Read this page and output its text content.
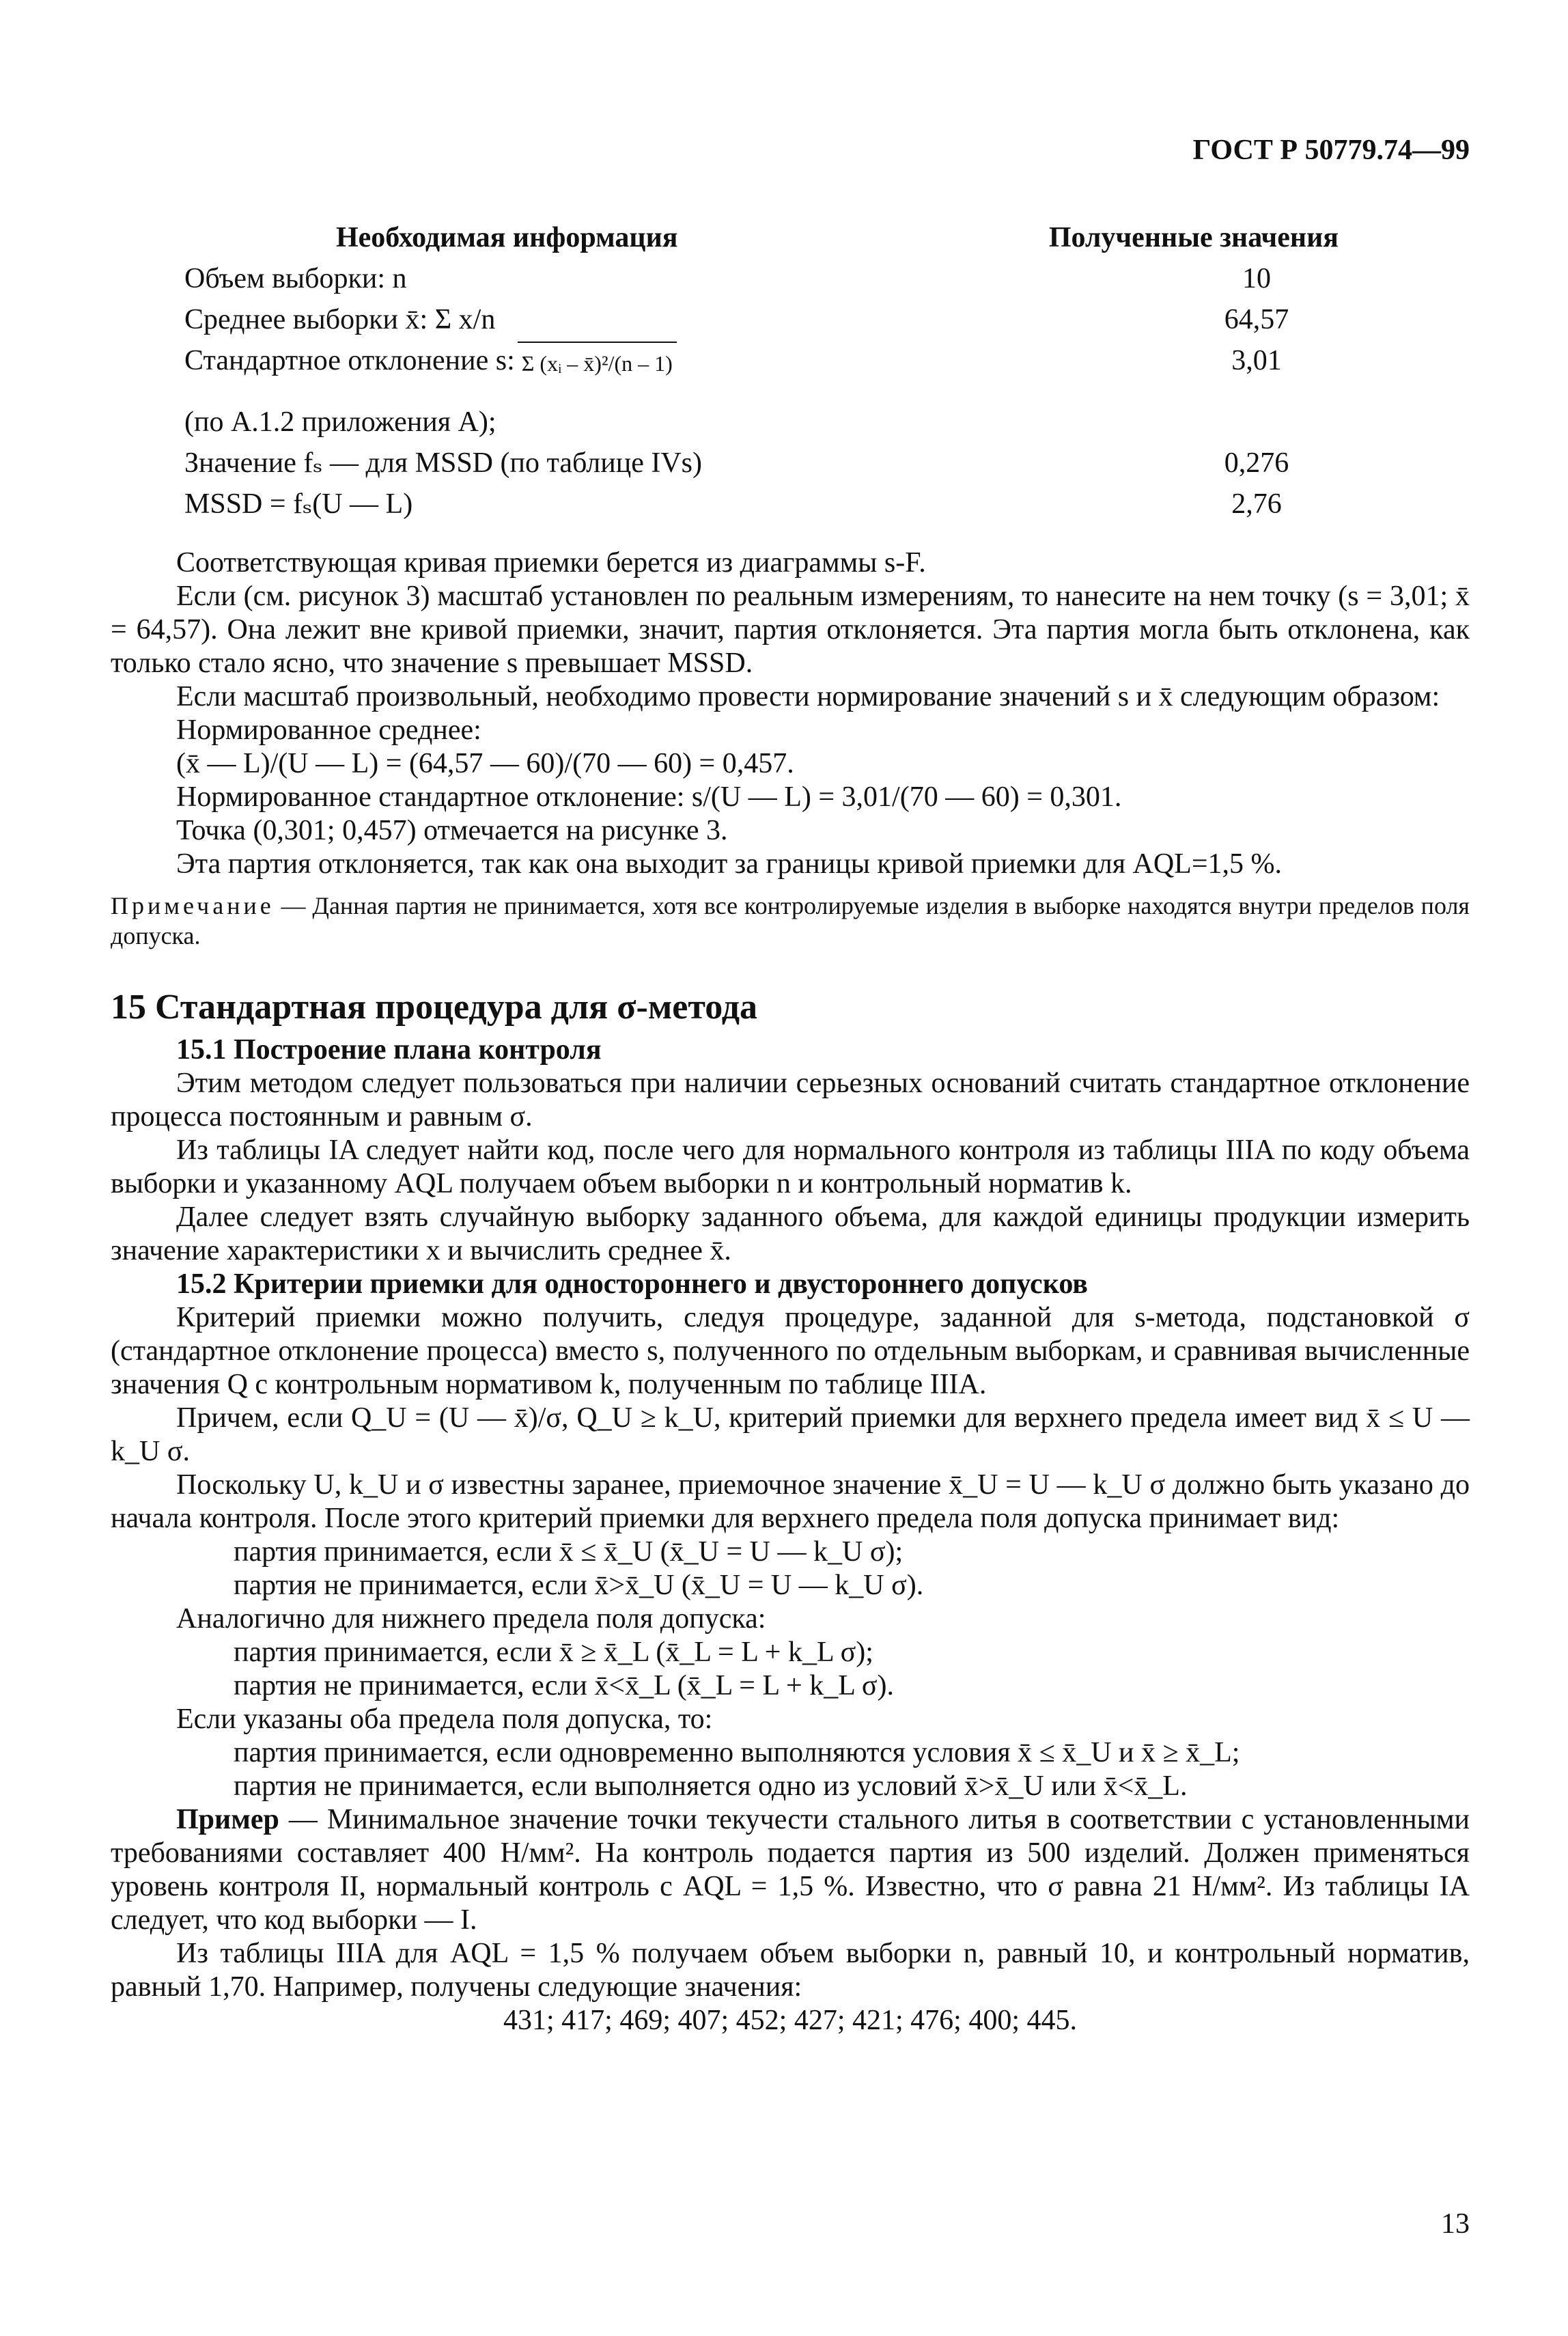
ГОСТ Р 50779.74—99
Необходимая информация	Полученные значения
Объем выборки: n	10
Среднее выборки x̄: Σ x/n	64,57
Стандартное отклонение s: Σ (xᵢ – x̄)²/(n – 1)	3,01
(по А.1.2 приложения А);
Значение fₛ — для MSSD (по таблице IVs)	0,276
MSSD = fₛ(U — L)	2,76

Соответствующая кривая приемки берется из диаграммы s-F.

Если (см. рисунок 3) масштаб установлен по реальным измерениям, то нанесите на нем точку (s = 3,01; x̄ = 64,57). Она лежит вне кривой приемки, значит, партия отклоняется. Эта партия могла быть отклонена, как только стало ясно, что значение s превышает MSSD.

Если масштаб произвольный, необходимо провести нормирование значений s и x̄ следующим образом:

Нормированное среднее:

(x̄ — L)/(U — L) = (64,57 — 60)/(70 — 60) = 0,457.

Нормированное стандартное отклонение: s/(U — L) = 3,01/(70 — 60) = 0,301.

Точка (0,301; 0,457) отмечается на рисунке 3.

Эта партия отклоняется, так как она выходит за границы кривой приемки для AQL=1,5 %.

Примечание — Данная партия не принимается, хотя все контролируемые изделия в выборке находятся внутри пределов поля допуска.

15 Стандартная процедура для σ-метода

15.1 Построение плана контроля

Этим методом следует пользоваться при наличии серьезных оснований считать стандартное отклонение процесса постоянным и равным σ.

Из таблицы IA следует найти код, после чего для нормального контроля из таблицы IIIA по коду объема выборки и указанному AQL получаем объем выборки n и контрольный норматив k.

Далее следует взять случайную выборку заданного объема, для каждой единицы продукции измерить значение характеристики x и вычислить среднее x̄.

15.2 Критерии приемки для одностороннего и двустороннего допусков

Критерий приемки можно получить, следуя процедуре, заданной для s-метода, подстановкой σ (стандартное отклонение процесса) вместо s, полученного по отдельным выборкам, и сравнивая вычисленные значения Q с контрольным нормативом k, полученным по таблице IIIA.

Причем, если Q_U = (U — x̄)/σ, Q_U ≥ k_U, критерий приемки для верхнего предела имеет вид x̄ ≤ U — k_U σ.

Поскольку U, k_U и σ известны заранее, приемочное значение x̄_U = U — k_U σ должно быть указано до начала контроля. После этого критерий приемки для верхнего предела поля допуска принимает вид:

партия принимается, если x̄ ≤ x̄_U (x̄_U = U — k_U σ);

партия не принимается, если x̄>x̄_U (x̄_U = U — k_U σ).

Аналогично для нижнего предела поля допуска:

партия принимается, если x̄ ≥ x̄_L (x̄_L = L + k_L σ);

партия не принимается, если x̄<x̄_L (x̄_L = L + k_L σ).

Если указаны оба предела поля допуска, то:

партия принимается, если одновременно выполняются условия x̄ ≤ x̄_U и x̄ ≥ x̄_L;

партия не принимается, если выполняется одно из условий x̄>x̄_U или x̄<x̄_L.

Пример — Минимальное значение точки текучести стального литья в соответствии с установленными требованиями составляет 400 Н/мм². На контроль подается партия из 500 изделий. Должен применяться уровень контроля II, нормальный контроль с AQL = 1,5 %. Известно, что σ равна 21 Н/мм². Из таблицы IA следует, что код выборки — I.

Из таблицы IIIA для AQL = 1,5 % получаем объем выборки n, равный 10, и контрольный норматив, равный 1,70. Например, получены следующие значения:

431; 417; 469; 407; 452; 427; 421; 476; 400; 445.

13
